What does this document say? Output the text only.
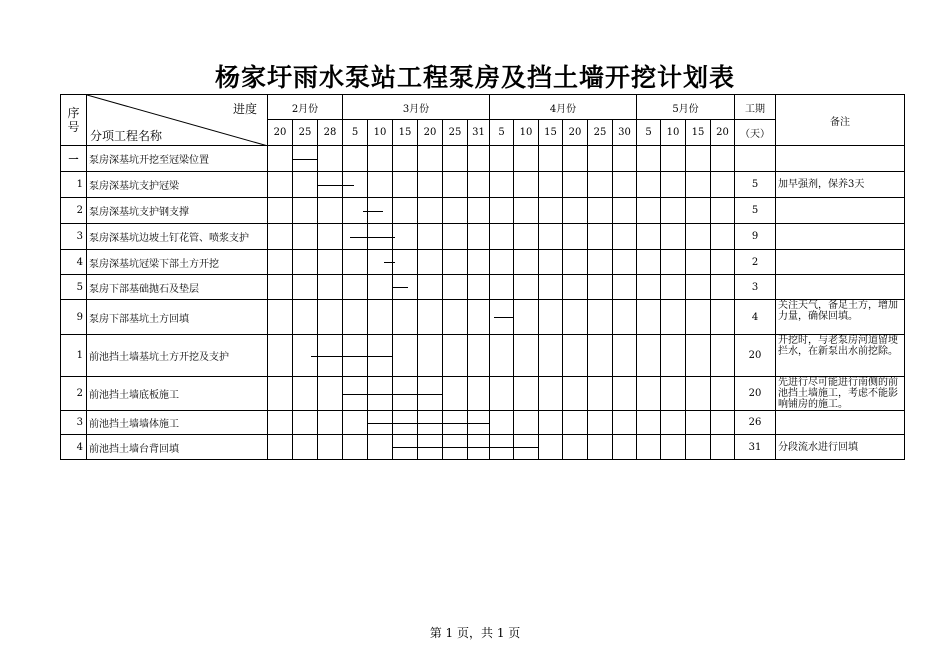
杨家圩雨水泵站工程泵房及挡土墙开挖计划表
序号	进度
分项工程名称	2月份			3月份						4月份						5月份				工期	备注
		20	25	28	5	10	15	20	25	31	5	10	15	20	25	30	5	10	15	20	（天）	
一	泵房深基坑开挖至冠梁位置																					
1	泵房深基坑支护冠梁																				5	加早强剂，保养3天
2	泵房深基坑支护钢支撑																				5	
3	泵房深基坑边坡土钉花管、喷浆支护																				9	
4	泵房深基坑冠梁下部土方开挖																				2	
5	泵房下部基础抛石及垫层																				3	
9	泵房下部基坑土方回填																				4	关注天气，备足土方，增加力量，确保回填。
1	前池挡土墙基坑土方开挖及支护																				20	开挖时，与老泵房河道留埂拦水，在新泵出水前挖除。
2	前池挡土墙底板施工																				20	先进行尽可能进行南侧的前池挡土墙施工，考虑不能影响铺房的施工。
3	前池挡土墙墙体施工																				26	
4	前池挡土墙台背回填																				31	分段流水进行回填
第 1 页，共 1 页
